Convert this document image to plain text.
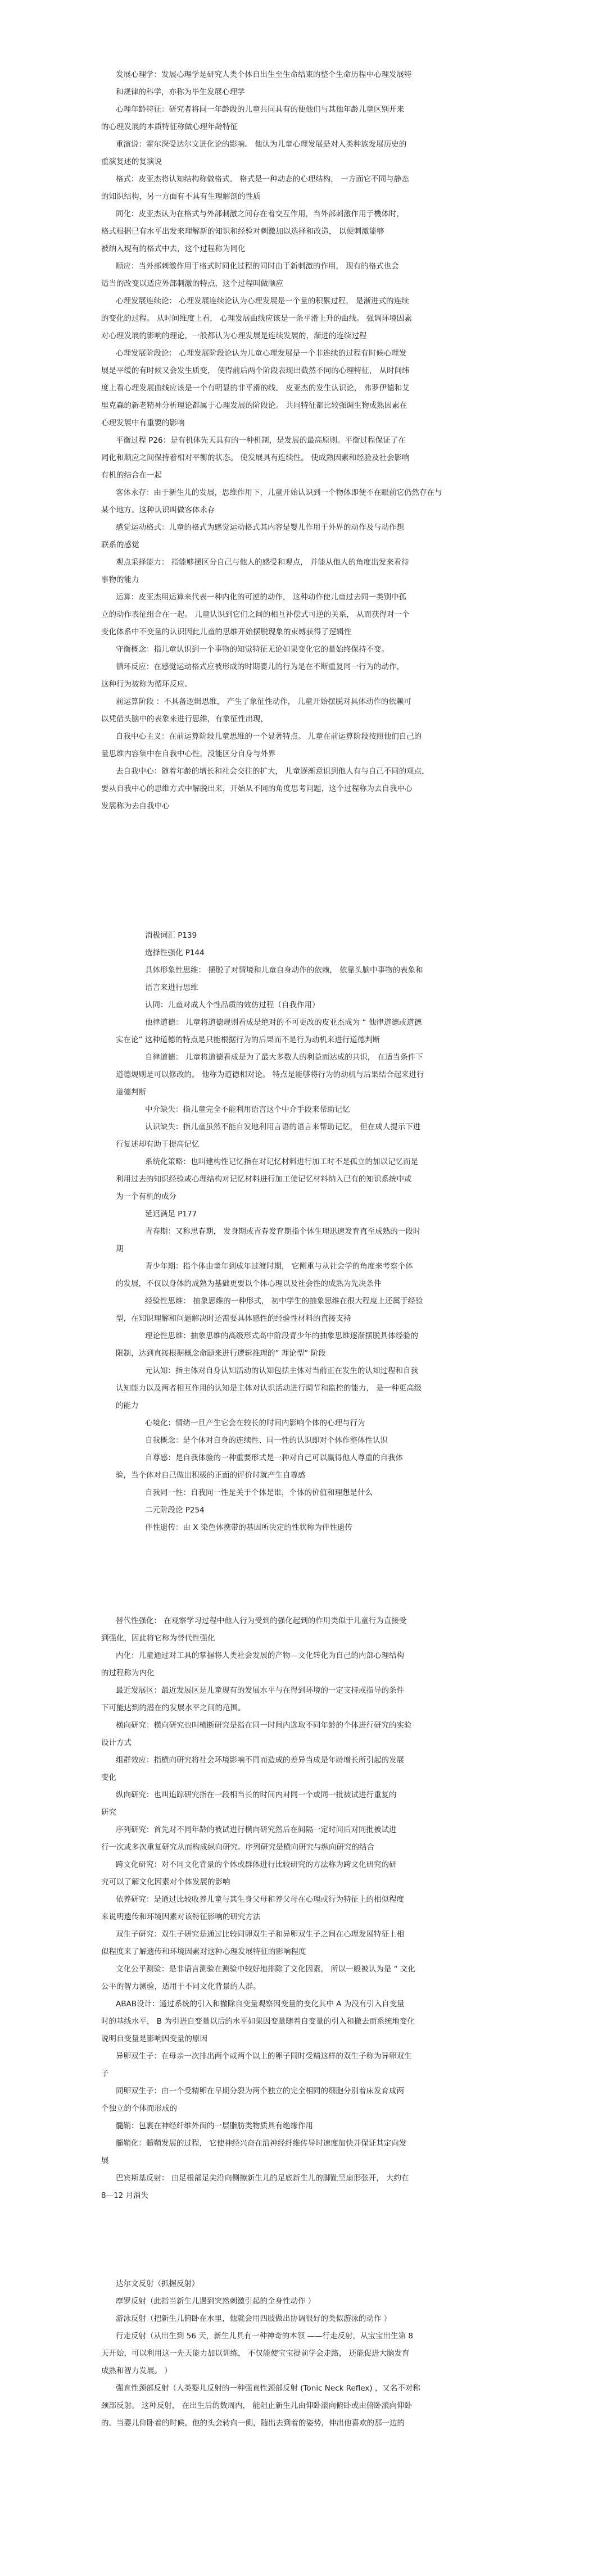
发展心理学：发展心理学是研究人类个体自出生至生命结束的整个生命历程中心理发展特
和规律的科学，亦称为毕生发展心理学
心理年龄特征：研究者将同一年龄段的儿童共同具有的便他们与其他年龄儿童区别开来
的心理发展的本质特征称做心理年龄特征
重演说：霍尔深受达尔文进化论的影响。 他认为儿童心理发展是对人类种族发展历史的
重演复述的复演说
格式：皮亚杰将认知结构称做格式。 格式是一种动态的心理结构， 一方面它不同与静态
的知识结构，另一方面有不具有生理解剖的性质
同化：皮亚杰认为在格式与外部刺激之间存在着交互作用，当外部刺激作用于機体时，
格式根据已有水平出发来理解新的知识和经验对刺激加以选择和改造， 以便刺激能够
被纳入现有的格式中去，这个过程称为同化
顺应：当外部刺激作用于格式时同化过程的同时由于新刺激的作用， 现有的格式也会
适当的改变以适应外部刺激的特点，这个过程叫做顺应
心理发展连续论： 心理发展连续论认为心理发展是一个量的积累过程， 是渐进式的连续
的变化的过程。 从时间维度上看， 心理发展曲线应该是一条平滑上升的曲线。 强调环境因素
对心理发展的影响的理论，一般都认为心理发展是连续发展的，渐进的连续过程
心理发展阶段论： 心理发展阶段论认为儿童心理发展是一个非连续的过程有时候心理发
展是平缓的有时候又会发生质变， 使得前后两个阶段表现出截然不同的心理特征， 从时间纬
度上看心理发展曲线应该是一个有明显的非平滑的线。 皮亚杰的发生认识论， 弗罗伊德和艾
里克森的新老精神分析理论都属于心理发展的阶段论。 共同特征都比较强调生物成熟因素在
心理发展中有重要的影响
平衡过程 P26：是有机体先天具有的一种机制，是发展的最高原则。平衡过程保证了在
同化和顺应之间保持着相对平衡的状态。 使发展具有连续性。 使成熟因素和经验及社会影响
有机的结合在一起
客体永存：由于新生儿的发展，思维作用下，儿童开始认识到一个物体即便不在眼前它仍然存在与
某个地方。这种认识叫做客体永存
感觉运动格式：儿童的格式为感觉运动格式其内容是婴儿作用于外界的动作及与动作想
联系的感觉
观点采择能力： 指能够摆区分自己与他人的感受和观点， 并能从他人的角度出发来看待
事物的能力
运算：皮亚杰用运算来代表一种内化的可逆的动作， 这种动作使儿童过去同一类别中孤
立的动作表征组合在一起。 儿童认识到它们之间的相互补偿式可逆的关系， 从而获得对一个
变化体系中不变量的认识因此儿童的思维开始摆脱现象的束缚获得了逻辑性
守衡概念：指儿童认识到一个事物的知觉特征无论如果变化它的量始终保持不变。
循环反应：在感觉运动格式应被形成的时期婴儿的行为是在不断重复同一行为的动作，
这种行为被称为循环反应。
前运算阶段 ：不具备逻辑思维， 产生了象征性动作， 儿童开始摆脱对具体动作的依赖可
以凭借头脑中的表象来进行思维，有象征性出现，
自我中心主义：在前运算阶段儿童思维的一个显著特点。 儿童在前运算阶段按照他们自己的
量思维内容集中在自我中心性，没能区分自身与外界
去自我中心：随着年龄的增长和社会交往的扩大， 儿童逐渐意识到他人有与自己不同的观点，
要从自我中心的思维方式中解脱出来，开始从不同的角度思考问题，这个过程称为去自我中心
发展称为去自我中心
消极词汇 P139
选择性强化 P144
具体形象性思维： 摆脱了对情境和儿童自身动作的依赖， 依靠头脑中事物的表象和
语言来进行思维
认同：儿童对成人个性品质的效仿过程（自我作用）
他律道德： 儿童将道德规则看成是绝对的不可更改的皮亚杰成为 “ 他律道德或道德
实在论” 这种道德的特点是只能根据行为的后果而不是行为动机来进行道德判断
自律道德： 儿童将道德看成是为了最大多数人的利益而达成的共识， 在适当条件下
道德规则是可以修改的。 他称为道德相对论。 特点是能够将行为的动机与后果结合起来进行
道德判断
中介缺失：指儿童完全不能利用语言这个中介手段来帮助记忆
认识缺失：指儿童虽然不能自发地利用言语的语言来帮助记忆， 但在成人提示下进
行复述却有助于提高记忆
系统化策略：也叫建构性记忆指在对记忆材料进行加工时不是孤立的加以记忆而是
利用过去的知识经验或心理结构对记忆材料进行加工使记忆材料纳入已有的知识系统中或
为一个有机的成分
延迟满足 P177
青春期：又称思春期， 发身期或青春发育期指个体生理迅速发育直至成熟的一段时
期
青少年期：指个体由童年到成年过渡时期， 它侧重与从社会学的角度来考察个体
的发展，不仅以身体的成熟为基础更要以个体心理以及社会性的成熟为先决条件
经验性思维： 抽象思维的一种形式， 初中学生的抽象思维在很大程度上还属于经验
型，在知识理解和问题解决时还需要具体感性的经验性材料的直接支持
理论性思维：抽象思维的高级形式高中阶段青少年的抽象思维逐渐摆脱具体经验的
限制，达到直接根据概念命题来进行逻辑推理的” 理论型” 阶段
元认知：指主体对自身认知活动的认知包括主体对当前正在发生的认知过程和自我
认知能力以及两者相互作用的认知是主体对认识活动进行调节和监控的能力， 是一种更高级
的能力
心境化：情绪一旦产生它会在较长的时间内影响个体的心理与行为
自我概念：是个体对自身的连续性、同一性的认识即对个体作整体性认识
自尊感：是自我体验的一种重要形式是一种对自己可以赢得他人尊重的自我体
验，当个体对自己做出积极的正面的评价时就产生自尊感
自我同一性：自我同一性是关于个体是谁，个体的价值和理想是什么
二元阶段论 P254
伴性遗传：由 X 染色体携带的基因所决定的性状称为伴性遗传
替代性强化： 在观察学习过程中他人行为受到的强化起到的作用类似于儿童行为直接受
到强化，因此将它称为替代性强化
内化：儿童通过对工具的掌握将人类社会发展的产物—文化转化为自己的内部心理结构
的过程称为内化
最近发展区：最近发展区是儿童现有的发展水平与在得到环境的一定支持或指导的条件
下可能达到的潜在的发展水平之间的范围。
横向研究：横向研究也叫横断研究是指在同一时间内选取不同年龄的个体进行研究的实验
设计方式
组群效应：指横向研究将社会环境影响不同而造成的差异当成是年龄增长所引起的发展
变化
纵向研究：也叫追踪研究指在一段相当长的时间内对同一个或同一批被试进行重复的
研究
序列研究：首先对不同年龄的被试进行横向研究然后在间隔一定时间后对同批被试进
行一次或多次重复研究从而构成纵向研究。序列研究是横向研究与纵向研究的结合
跨文化研究：对不同文化背景的个体或群体进行比较研究的方法称为跨文化研究的研
究可以了解文化因素对个体发展的影响
依养研究：是通过比较收养儿童与其生身父母和养父母在心理或行为特征上的相似程度
来说明遗传和环境因素对该特征影响的研究方法
双生子研究：双生子研究是通过比较同卵双生子和异卵双生子之间在心理发展特征上相
似程度来了解遗传和环境因素对这种心理发展特征的影响程度
文化公平测验：是非语言测验在测验中较好地排除了文化因素， 所以一般被认为是 “ 文化
公平的智力测验，适用于不同文化背景的人群。
ABAB设计：通过系统的引入和撤除自变量观察因变量的变化其中 A 为没有引入自变量
时的基线水平， B 为引进自变量以后的水平如果因变量随着自变量的引入和撤去而系统地变化
说明自变量是影响因变量的原因
异卵双生子：在母亲一次排出两个或两个以上的卵子同时受精这样的双生子称为异卵双生
子
同卵双生子：由一个受精卵在早期分裂为两个独立的完全相同的细胞分别着床发育成两
个独立的个体而形成的
髓鞘：包裹在神经纤维外面的一层脂肪类物质具有绝缘作用
髓鞘化：髓鞘发展的过程， 它使神经兴奋在沿神经纤维传导时速度加快并保证其定向发
展
巴宾斯基反射： 由足根部足尖沿向侧擦新生儿的足底新生儿的脚趾呈扇形张开， 大约在
8—12 月消失
达尔文反射（抓握反射）
摩罗反射（此指当新生儿遇到突然刺激引起的全身性动作 ）
游泳反射（把新生儿俯卧在水里，他就会用四肢做出协调很好的类似游泳的动作 ）
行走反射（从出生到 56 天，新生儿具有一种神奇的本领 ——行走反射，从宝宝出生第 8
天开始，可以利用这一先天能力加以训练， 不仅能使宝宝提前学会走路， 还能促进大脑发育
成熟和智力发展。 ）
强直性颈部反射（人类婴儿反射的一种强直性颈部反射 (Tonic Neck Reflex) ，又名不对称
颈部反射。 这种反射， 在出生后的数周内， 能阻止新生儿由仰卧滚向俯卧或由俯卧滚向仰卧
的。当婴儿仰卧着的时候，他的头会转向一侧，随出去到着的姿势，伸出他喜欢的那一边的
